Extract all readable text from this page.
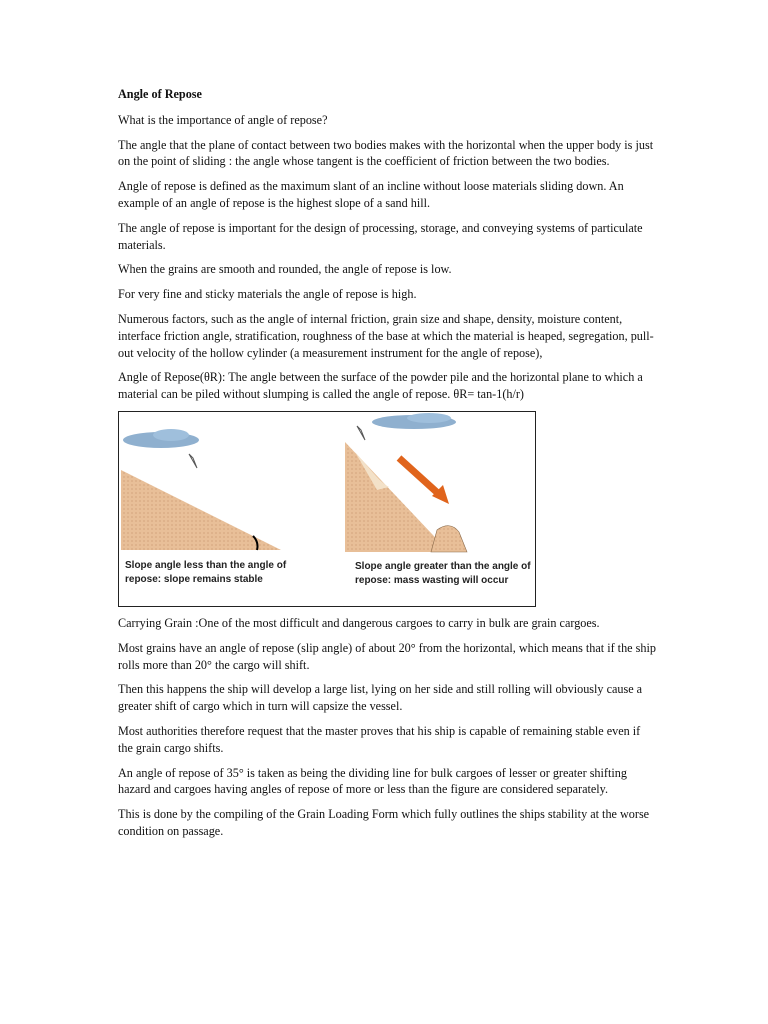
Angle of Repose

What is the importance of angle of repose?

The angle that the plane of contact between two bodies makes with the horizontal when the upper body is just on the point of sliding : the angle whose tangent is the coefficient of friction between the two bodies.

Angle of repose is defined as the maximum slant of an incline without loose materials sliding down. An example of an angle of repose is the highest slope of a sand hill.

The angle of repose is important for the design of processing, storage, and conveying systems of particulate materials.

When the grains are smooth and rounded, the angle of repose is low.

For very fine and sticky materials the angle of repose is high.

Numerous factors, such as the angle of internal friction, grain size and shape, density, moisture content, interface friction angle, stratification, roughness of the base at which the material is heaped, segregation, pull-out velocity of the hollow cylinder (a measurement instrument for the angle of repose),

Angle of Repose(θR): The angle between the surface of the powder pile and the horizontal plane to which a material can be piled without slumping is called the angle of repose. θR= tan-1(h/r)

Slope angle less than the angle of
repose: slope remains stable
Slope angle greater than the angle of
repose: mass wasting will occur

Carrying Grain :One of the most difficult and dangerous cargoes to carry in bulk are grain cargoes.

Most grains have an angle of repose (slip angle) of about 20° from the horizontal, which means that if the ship rolls more than 20° the cargo will shift.

Then this happens the ship will develop a large list, lying on her side and still rolling will obviously cause a greater shift of cargo which in turn will capsize the vessel.

Most authorities therefore request that the master proves that his ship is capable of remaining stable even if the grain cargo shifts.

An angle of repose of 35° is taken as being the dividing line for bulk cargoes of lesser or greater shifting hazard and cargoes having angles of repose of more or less than the figure are considered separately.

This is done by the compiling of the Grain Loading Form which fully outlines the ships stability at the worse condition on passage.
